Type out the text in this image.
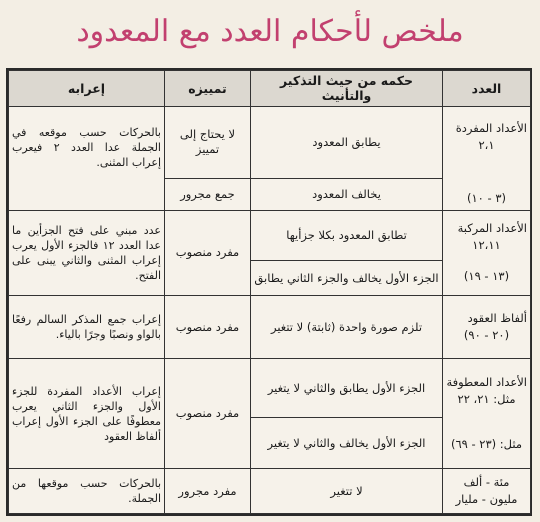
ملخص لأحكام العدد مع المعدود
العدد	حكمه من حيث التذكير والتأنيث	تمييزه	إعرابه
الأعداد المفردة
٢،١
(٣ - ١٠)	يطابق المعدود	لا يحتاج إلى تمييز	بالحركات حسب موقعه في الجملة عدا العدد ٢ فيعرب إعراب المثنى.
	يخالف المعدود	جمع مجرور	
الأعداد المركبة
١٢،١١
(١٣ - ١٩)	تطابق المعدود بكلا جزأيها	مفرد منصوب	عدد مبني على فتح الجزأين ما عدا العدد ١٢ فالجزء الأول يعرب إعراب المثنى والثاني يبنى على الفتح.
	الجزء الأول يخالف والجزء الثاني يطابق		
ألفاظ العقود
(٢٠ - ٩٠)	تلزم صورة واحدة (ثابتة) لا تتغير	مفرد منصوب	إعراب جمع المذكر السالم رفعًا بالواو ونصبًا وجرًا بالياء.
الأعداد المعطوفة
مثل: ٢١، ٢٢
مثل: (٢٣ - ٦٩)	الجزء الأول يطابق والثاني لا يتغير	مفرد منصوب	إعراب الأعداد المفردة للجزء الأول والجزء الثاني يعرب معطوفًا على الجزء الأول إعراب ألفاظ العقود
	الجزء الأول يخالف والثاني لا يتغير		
مئة - ألف
مليون - مليار	لا تتغير	مفرد مجرور	بالحركات حسب موقعها من الجملة.
